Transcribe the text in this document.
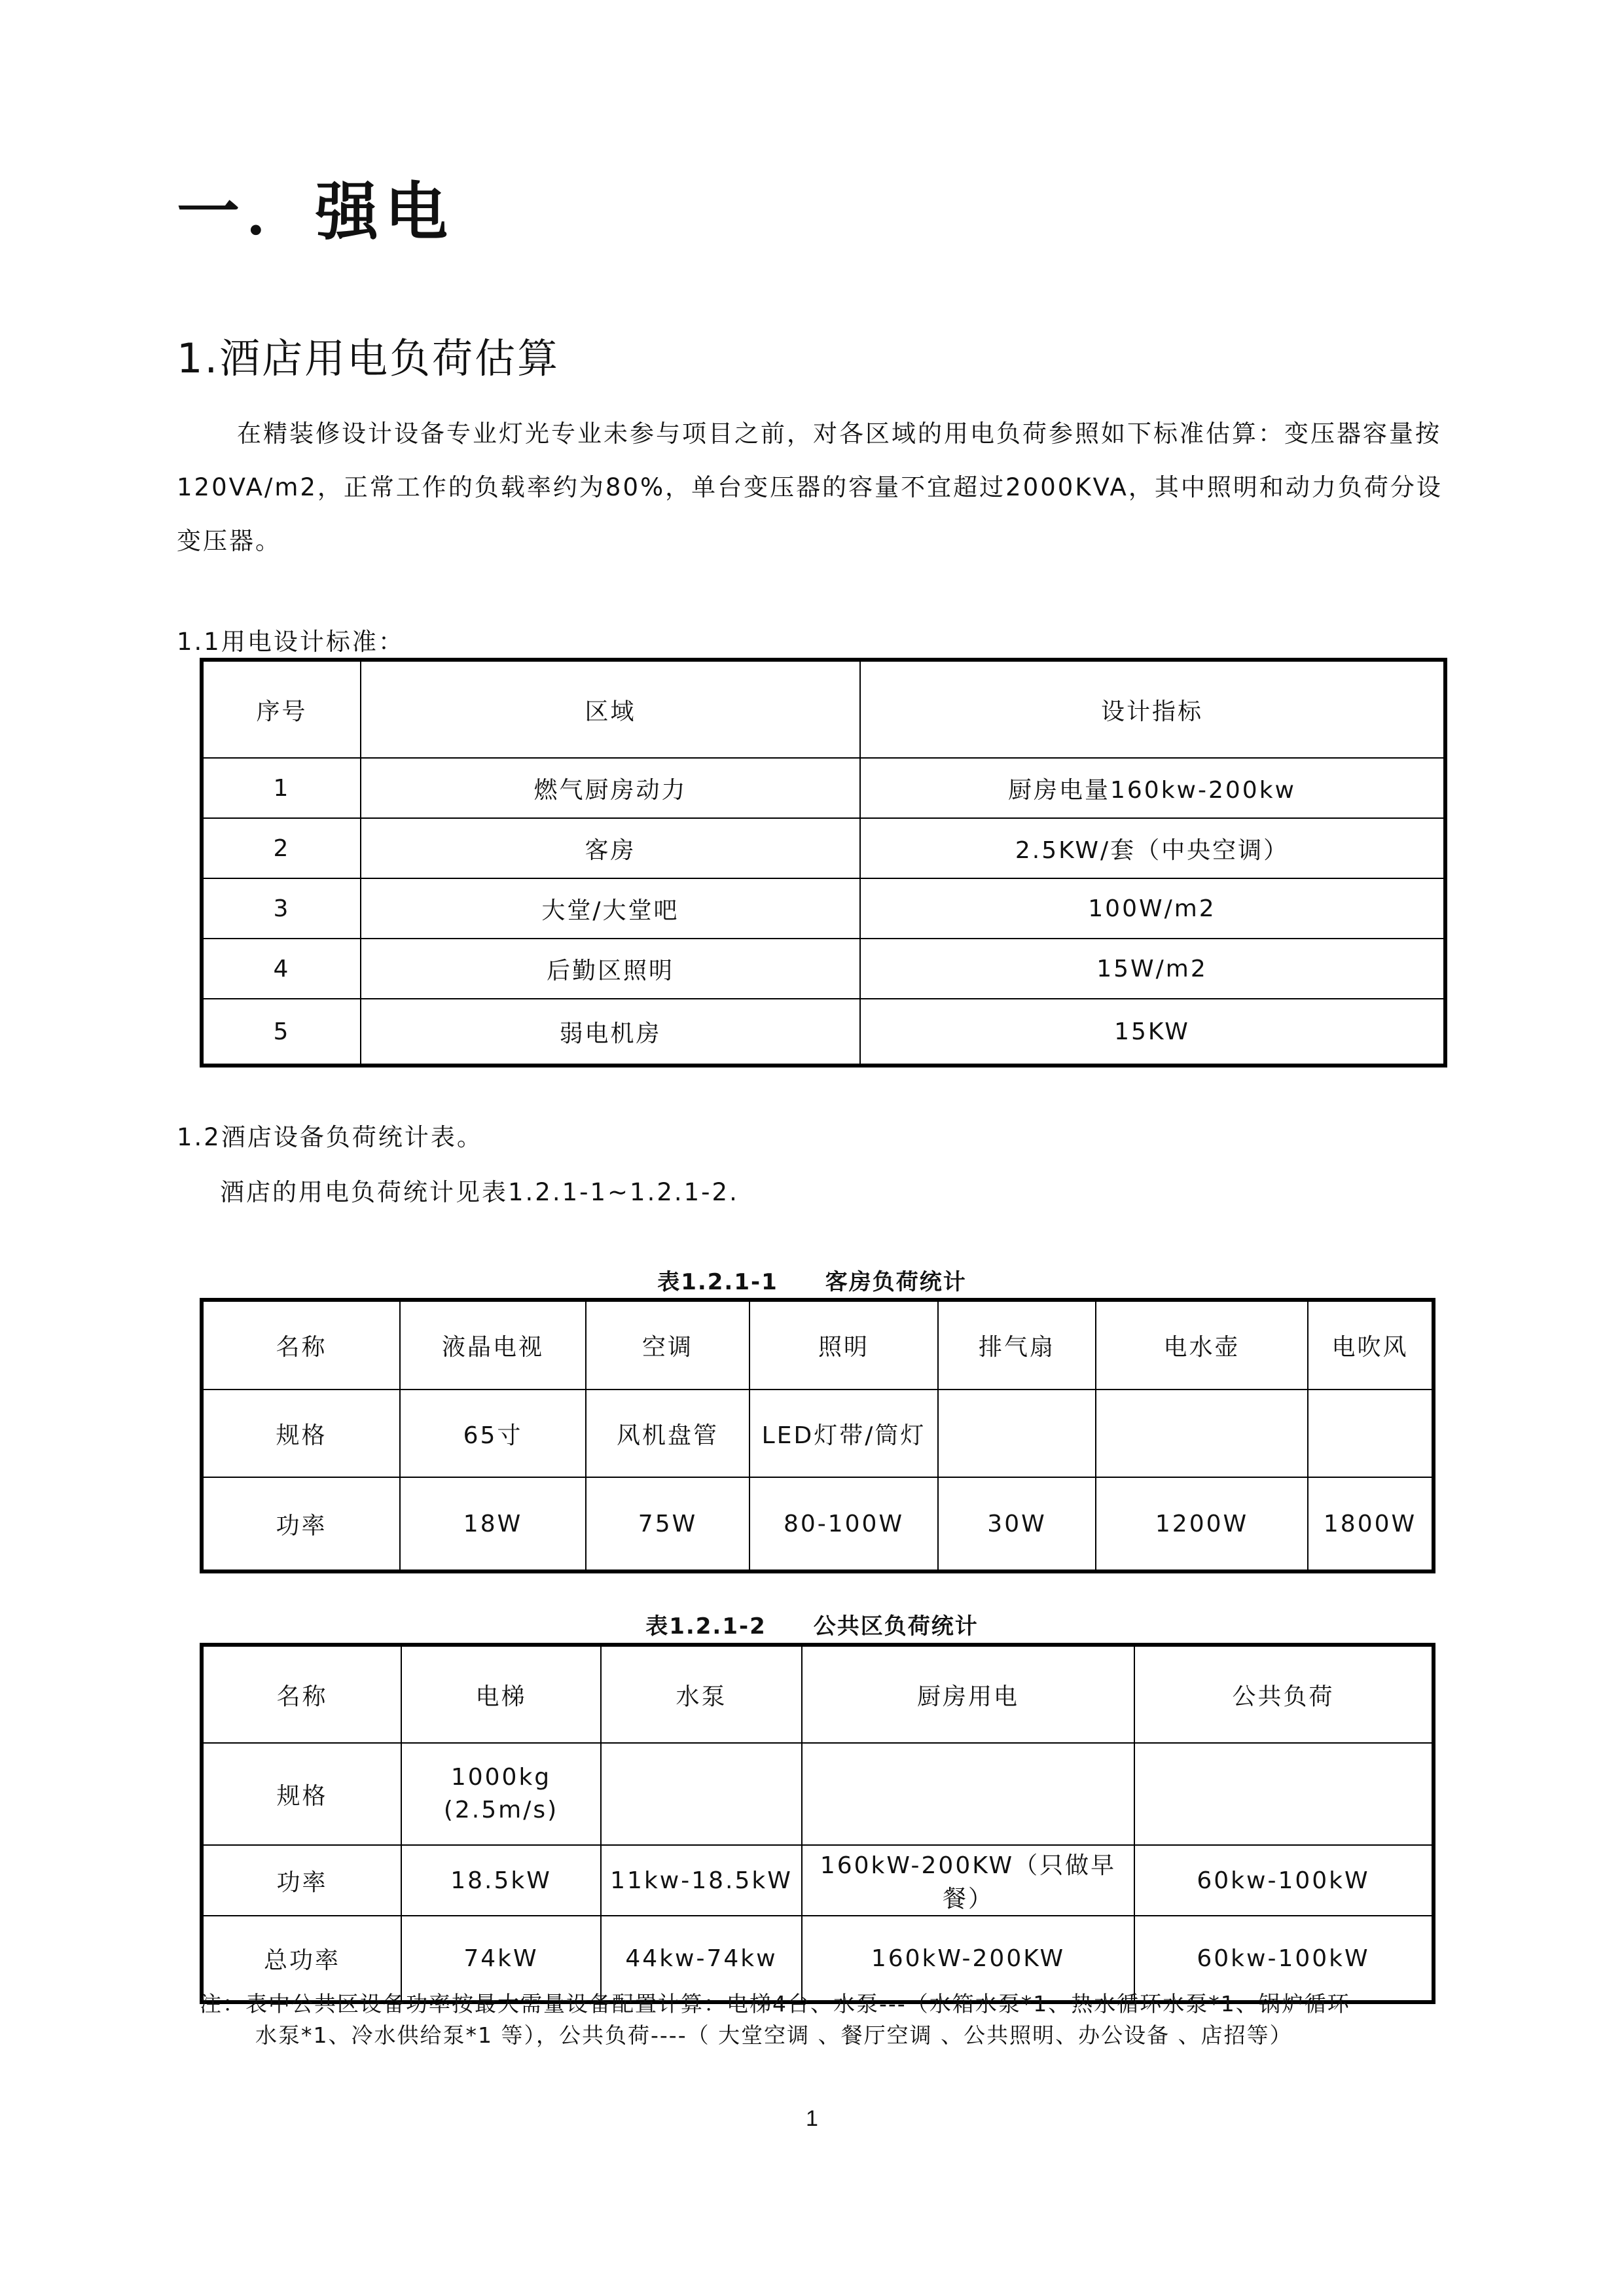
一．强电
1.酒店用电负荷估算

在精装修设计设备专业灯光专业未参与项目之前，对各区域的用电负荷参照如下标准估算：变压器容量按120VA/m2，正常工作的负载率约为80%，单台变压器的容量不宜超过2000KVA，其中照明和动力负荷分设变压器。

1.1用电设计标准：
序号	区域	设计指标
1	燃气厨房动力	厨房电量160kw-200kw
2	客房	2.5KW/套（中央空调）
3	大堂/大堂吧	100W/m2
4	后勤区照明	15W/m2
5	弱电机房	15KW
1.2酒店设备负荷统计表。
酒店的用电负荷统计见表1.2.1-1~1.2.1-2.
表1.2.1-1　　客房负荷统计
名称	液晶电视	空调	照明	排气扇	电水壶	电吹风
规格	65寸	风机盘管	LED灯带/筒灯			
功率	18W	75W	80-100W	30W	1200W	1800W
表1.2.1-2　　公共区负荷统计
名称	电梯	水泵	厨房用电	公共负荷
规格	1000kg
(2.5m/s)			

功率	18.5kW	11kw-18.5kW	160kW-200KW（只做早餐）	60kw-100kW
总功率	74kW	44kw-74kw	160kW-200KW	60kw-100kW
注：表中公共区设备功率按最大需量设备配置计算：电梯4台、水泵---（水箱水泵*1、热水循环水泵*1、锅炉循环
水泵*1、冷水供给泵*1 等），公共负荷----（ 大堂空调 、餐厅空调 、公共照明、办公设备 、店招等）
1
